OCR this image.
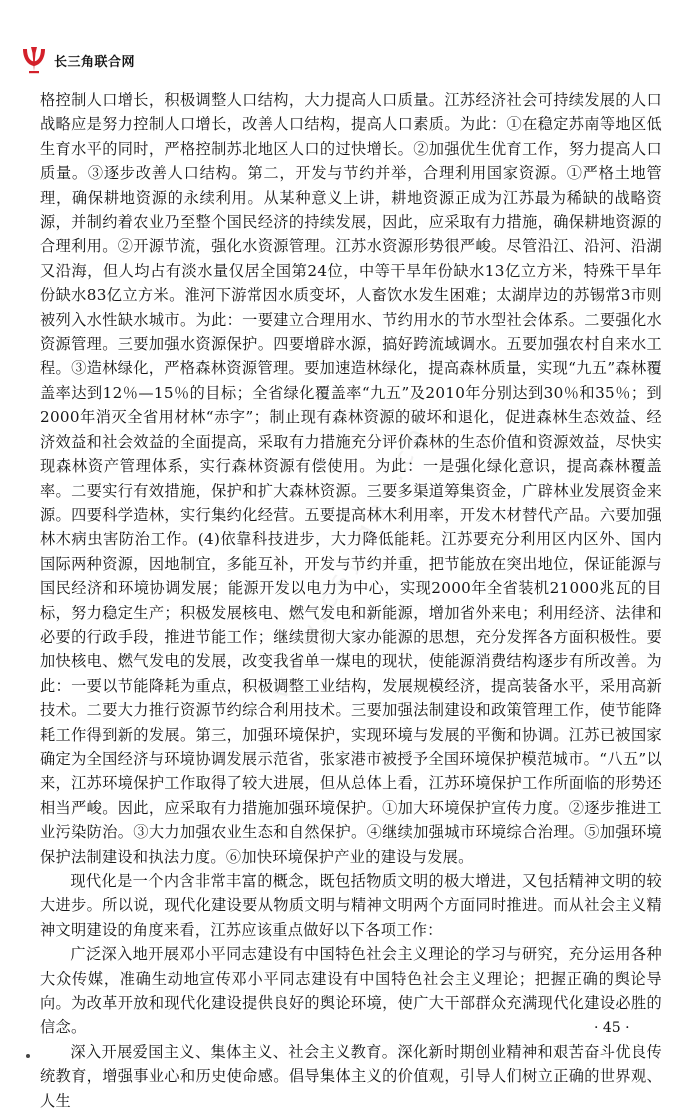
长三角联合网
www.csj.gov.cn

格控制人口增长，积极调整人口结构，大力提高人口质量。江苏经济社会可持续发展的人口战略应是努力控制人口增长，改善人口结构，提高人口素质。为此：①在稳定苏南等地区低生育水平的同时，严格控制苏北地区人口的过快增长。②加强优生优育工作，努力提高人口质量。③逐步改善人口结构。第二，开发与节约并举，合理利用国家资源。①严格土地管理，确保耕地资源的永续利用。从某种意义上讲，耕地资源正成为江苏最为稀缺的战略资源，并制约着农业乃至整个国民经济的持续发展，因此，应采取有力措施，确保耕地资源的合理利用。②开源节流，强化水资源管理。江苏水资源形势很严峻。尽管沿江、沿河、沿湖又沿海，但人均占有淡水量仅居全国第24位，中等干旱年份缺水13亿立方米，特殊干旱年份缺水83亿立方米。淮河下游常因水质变坏，人畜饮水发生困难；太湖岸边的苏锡常3市则被列入水性缺水城市。为此：一要建立合理用水、节约用水的节水型社会体系。二要强化水资源管理。三要加强水资源保护。四要增辟水源，搞好跨流域调水。五要加强农村自来水工程。③造林绿化，严格森林资源管理。要加速造林绿化，提高森林质量，实现“九五”森林覆盖率达到12％—15％的目标；全省绿化覆盖率“九五”及2010年分别达到30％和35％；到2000年消灭全省用材林“赤字”；制止现有森林资源的破坏和退化，促进森林生态效益、经济效益和社会效益的全面提高，采取有力措施充分评价森林的生态价值和资源效益，尽快实现森林资产管理体系，实行森林资源有偿使用。为此：一是强化绿化意识，提高森林覆盖率。二要实行有效措施，保护和扩大森林资源。三要多渠道筹集资金，广辟林业发展资金来源。四要科学造林，实行集约化经营。五要提高林木利用率，开发木材替代产品。六要加强林木病虫害防治工作。(4)依靠科技进步，大力降低能耗。江苏要充分利用区内区外、国内国际两种资源，因地制宜，多能互补，开发与节约并重，把节能放在突出地位，保证能源与国民经济和环境协调发展；能源开发以电力为中心，实现2000年全省装机21000兆瓦的目标，努力稳定生产；积极发展核电、燃气发电和新能源，增加省外来电；利用经济、法律和必要的行政手段，推进节能工作；继续贯彻大家办能源的思想，充分发挥各方面积极性。要加快核电、燃气发电的发展，改变我省单一煤电的现状，使能源消费结构逐步有所改善。为此：一要以节能降耗为重点，积极调整工业结构，发展规模经济，提高装备水平，采用高新技术。二要大力推行资源节约综合利用技术。三要加强法制建设和政策管理工作，使节能降耗工作得到新的发展。第三，加强环境保护，实现环境与发展的平衡和协调。江苏已被国家确定为全国经济与环境协调发展示范省，张家港市被授予全国环境保护模范城市。“八五”以来，江苏环境保护工作取得了较大进展，但从总体上看，江苏环境保护工作所面临的形势还相当严峻。因此，应采取有力措施加强环境保护。①加大环境保护宣传力度。②逐步推进工业污染防治。③大力加强农业生态和自然保护。④继续加强城市环境综合治理。⑤加强环境保护法制建设和执法力度。⑥加快环境保护产业的建设与发展。

现代化是一个内含非常丰富的概念，既包括物质文明的极大增进，又包括精神文明的较大进步。所以说，现代化建设要从物质文明与精神文明两个方面同时推进。而从社会主义精神文明建设的角度来看，江苏应该重点做好以下各项工作：

广泛深入地开展邓小平同志建设有中国特色社会主义理论的学习与研究，充分运用各种大众传媒，准确生动地宣传邓小平同志建设有中国特色社会主义理论；把握正确的舆论导向。为改革开放和现代化建设提供良好的舆论环境，使广大干部群众充满现代化建设必胜的信念。

深入开展爱国主义、集体主义、社会主义教育。深化新时期创业精神和艰苦奋斗优良传统教育，增强事业心和历史使命感。倡导集体主义的价值观，引导人们树立正确的世界观、人生

· 45 ·
